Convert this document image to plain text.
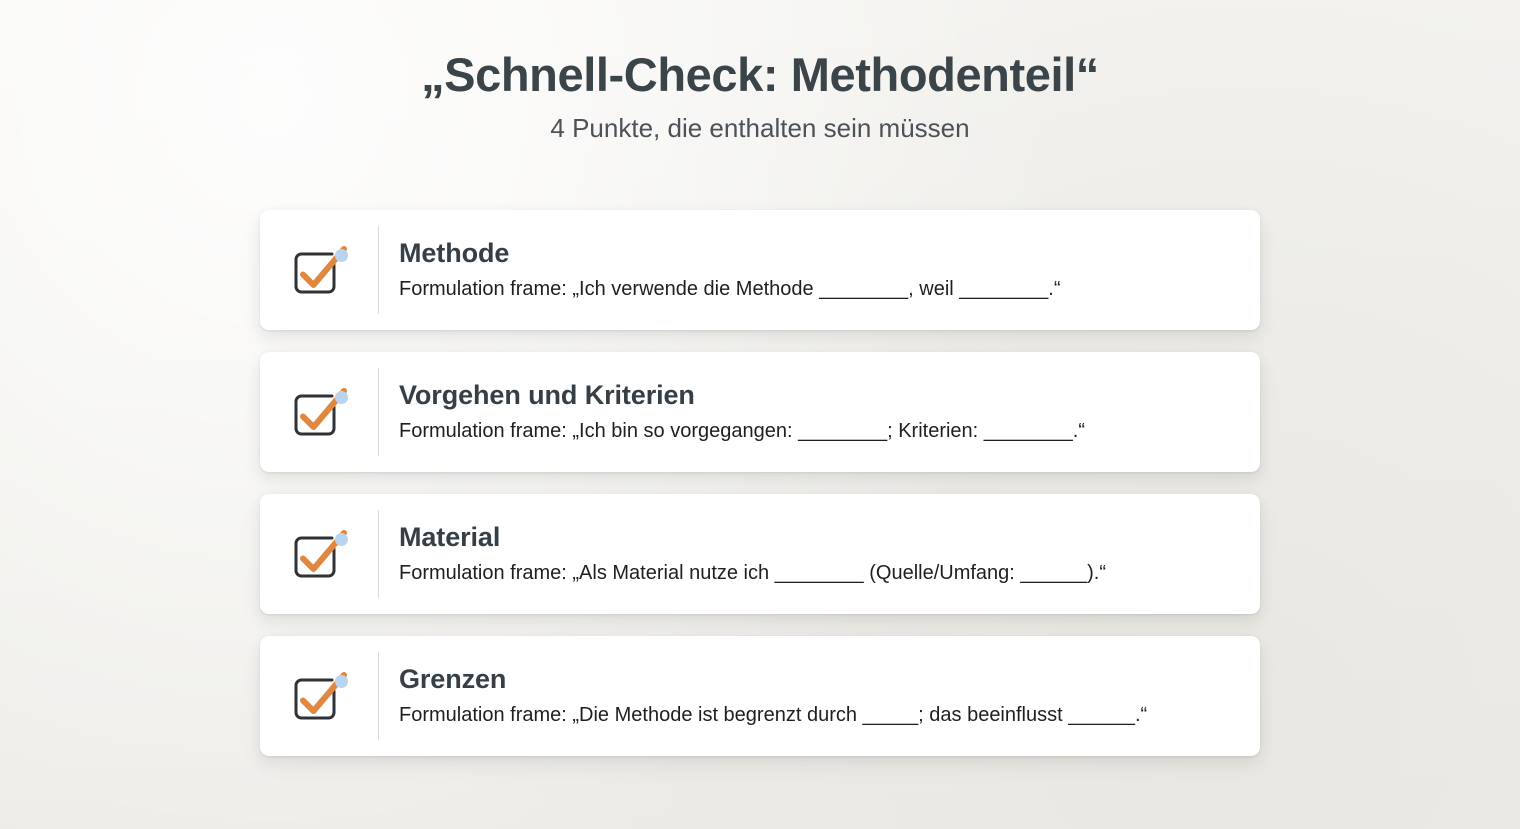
„Schnell-Check: Methodenteil“

4 Punkte, die enthalten sein müssen

Methode

Formulation frame: „Ich verwende die Methode ________, weil ________.“

Vorgehen und Kriterien

Formulation frame: „Ich bin so vorgegangen: ________; Kriterien: ________.“

Material

Formulation frame: „Als Material nutze ich ________ (Quelle/Umfang: ______).“

Grenzen

Formulation frame: „Die Methode ist begrenzt durch _____; das beeinflusst ______.“
